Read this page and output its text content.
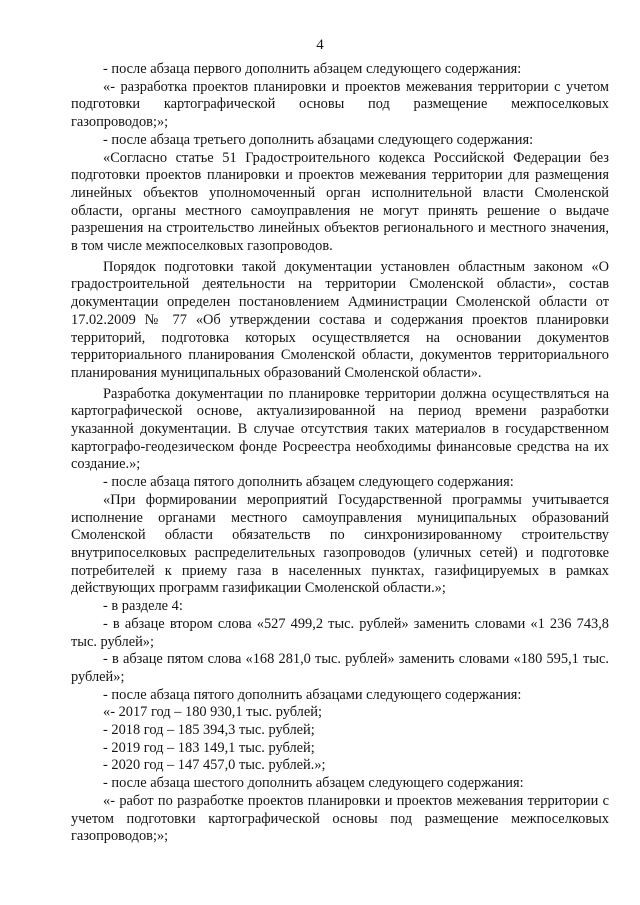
4

- после абзаца первого дополнить абзацем следующего содержания:

«- разработка проектов планировки и проектов межевания территории с учетом подготовки картографической основы под размещение межпоселковых газопроводов;»;

- после абзаца третьего дополнить абзацами следующего содержания:

«Согласно статье 51 Градостроительного кодекса Российской Федерации без подготовки проектов планировки и проектов межевания территории для размещения линейных объектов уполномоченный орган исполнительной власти Смоленской области, органы местного самоуправления не могут принять решение о выдаче разрешения на строительство линейных объектов регионального и местного значения, в том числе межпоселковых газопроводов.

Порядок подготовки такой документации установлен областным законом «О градостроительной деятельности на территории Смоленской области», состав документации определен постановлением Администрации Смоленской области от 17.02.2009 № 77 «Об утверждении состава и содержания проектов планировки территорий, подготовка которых осуществляется на основании документов территориального планирования Смоленской области, документов территориального планирования муниципальных образований Смоленской области».

Разработка документации по планировке территории должна осуществляться на картографической основе, актуализированной на период времени разработки указанной документации. В случае отсутствия таких материалов в государственном картографо-геодезическом фонде Росреестра необходимы финансовые средства на их создание.»;

- после абзаца пятого дополнить абзацем следующего содержания:

«При формировании мероприятий Государственной программы учитывается исполнение органами местного самоуправления муниципальных образований Смоленской области обязательств по синхронизированному строительству внутрипоселковых распределительных газопроводов (уличных сетей) и подготовке потребителей к приему газа в населенных пунктах, газифицируемых в рамках действующих программ газификации Смоленской области.»;

- в разделе 4:

- в абзаце втором слова «527 499,2 тыс. рублей» заменить словами «1 236 743,8 тыс. рублей»;

- в абзаце пятом слова «168 281,0 тыс. рублей» заменить словами «180 595,1 тыс. рублей»;

- после абзаца пятого дополнить абзацами следующего содержания:

«- 2017 год – 180 930,1 тыс. рублей;

- 2018 год – 185 394,3 тыс. рублей;

- 2019 год – 183 149,1 тыс. рублей;

- 2020 год – 147 457,0 тыс. рублей.»;

- после абзаца шестого дополнить абзацем следующего содержания:

«- работ по разработке проектов планировки и проектов межевания территории с учетом подготовки картографической основы под размещение межпоселковых газопроводов;»;
